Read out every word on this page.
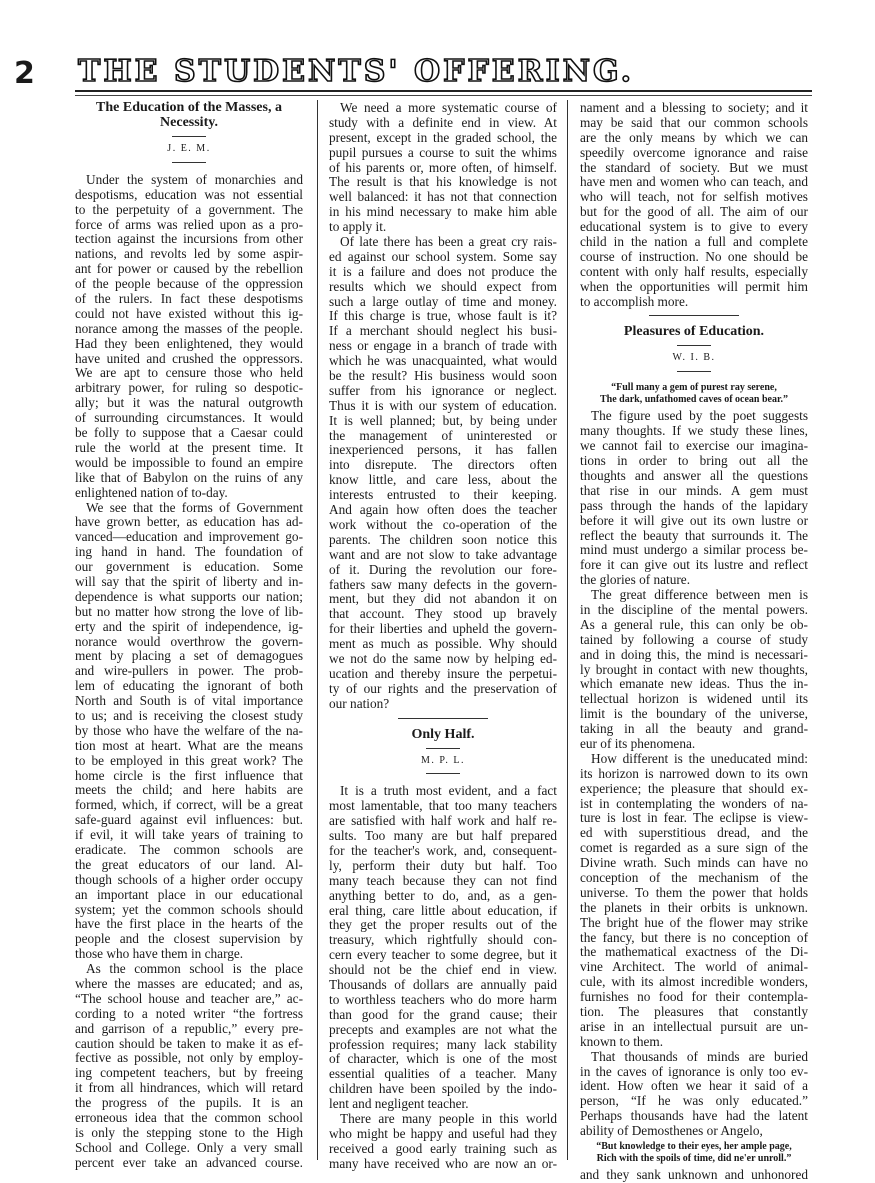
2 THE STUDENTS' OFFERING.
The Education of the Masses, a
Necessity.
J. E. M.
Under the system of monarchies and
despotisms, education was not essential
to the perpetuity of a government. The
force of arms was relied upon as a pro-
tection against the incursions from other
nations, and revolts led by some aspir-
ant for power or caused by the rebellion
of the people because of the oppression
of the rulers. In fact these despotisms
could not have existed without this ig-
norance among the masses of the people.
Had they been enlightened, they would
have united and crushed the oppressors.
We are apt to censure those who held
arbitrary power, for ruling so despotic-
ally; but it was the natural outgrowth
of surrounding circumstances. It would
be folly to suppose that a Caesar could
rule the world at the present time. It
would be impossible to found an empire
like that of Babylon on the ruins of any
enlightened nation of to-day.
We see that the forms of Government
have grown better, as education has ad-
vanced—education and improvement go-
ing hand in hand. The foundation of
our government is education. Some
will say that the spirit of liberty and in-
dependence is what supports our nation;
but no matter how strong the love of lib-
erty and the spirit of independence, ig-
norance would overthrow the govern-
ment by placing a set of demagogues
and wire-pullers in power. The prob-
lem of educating the ignorant of both
North and South is of vital importance
to us; and is receiving the closest study
by those who have the welfare of the na-
tion most at heart. What are the means
to be employed in this great work? The
home circle is the first influence that
meets the child; and here habits are
formed, which, if correct, will be a great
safe-guard against evil influences: but.
if evil, it will take years of training to
eradicate. The common schools are
the great educators of our land. Al-
though schools of a higher order occupy
an important place in our educational
system; yet the common schools should
have the first place in the hearts of the
people and the closest supervision by
those who have them in charge.
As the common school is the place
where the masses are educated; and as,
“The school house and teacher are,” ac-
cording to a noted writer “the fortress
and garrison of a republic,” every pre-
caution should be taken to make it as ef-
fective as possible, not only by employ-
ing competent teachers, but by freeing
it from all hindrances, which will retard
the progress of the pupils. It is an
erroneous idea that the common school
is only the stepping stone to the High
School and College. Only a very small
percent ever take an advanced course.
We need a more systematic course of
study with a definite end in view. At
present, except in the graded school, the
pupil pursues a course to suit the whims
of his parents or, more often, of himself.
The result is that his knowledge is not
well balanced: it has not that connection
in his mind necessary to make him able
to apply it.
Of late there has been a great cry rais-
ed against our school system. Some say
it is a failure and does not produce the
results which we should expect from
such a large outlay of time and money.
If this charge is true, whose fault is it?
If a merchant should neglect his busi-
ness or engage in a branch of trade with
which he was unacquainted, what would
be the result? His business would soon
suffer from his ignorance or neglect.
Thus it is with our system of education.
It is well planned; but, by being under
the management of uninterested or
inexperienced persons, it has fallen
into disrepute. The directors often
know little, and care less, about the
interests entrusted to their keeping.
And again how often does the teacher
work without the co-operation of the
parents. The children soon notice this
want and are not slow to take advantage
of it. During the revolution our fore-
fathers saw many defects in the govern-
ment, but they did not abandon it on
that account. They stood up bravely
for their liberties and upheld the govern-
ment as much as possible. Why should
we not do the same now by helping ed-
ucation and thereby insure the perpetui-
ty of our rights and the preservation of
our nation?
Only Half.
M. P. L.
It is a truth most evident, and a fact
most lamentable, that too many teachers
are satisfied with half work and half re-
sults. Too many are but half prepared
for the teacher's work, and, consequent-
ly, perform their duty but half. Too
many teach because they can not find
anything better to do, and, as a gen-
eral thing, care little about education, if
they get the proper results out of the
treasury, which rightfully should con-
cern every teacher to some degree, but it
should not be the chief end in view.
Thousands of dollars are annually paid
to worthless teachers who do more harm
than good for the grand cause; their
precepts and examples are not what the
profession requires; many lack stability
of character, which is one of the most
essential qualities of a teacher. Many
children have been spoiled by the indo-
lent and negligent teacher.
There are many people in this world
who might be happy and useful had they
received a good early training such as
many have received who are now an or-
nament and a blessing to society; and it
may be said that our common schools
are the only means by which we can
speedily overcome ignorance and raise
the standard of society. But we must
have men and women who can teach, and
who will teach, not for selfish motives
but for the good of all. The aim of our
educational system is to give to every
child in the nation a full and complete
course of instruction. No one should be
content with only half results, especially
when the opportunities will permit him
to accomplish more.
Pleasures of Education.
W. I. B.
“Full many a gem of purest ray serene,
The dark, unfathomed caves of ocean bear.”
The figure used by the poet suggests
many thoughts. If we study these lines,
we cannot fail to exercise our imagina-
tions in order to bring out all the
thoughts and answer all the questions
that rise in our minds. A gem must
pass through the hands of the lapidary
before it will give out its own lustre or
reflect the beauty that surrounds it. The
mind must undergo a similar process be-
fore it can give out its lustre and reflect
the glories of nature.
The great difference between men is
in the discipline of the mental powers.
As a general rule, this can only be ob-
tained by following a course of study
and in doing this, the mind is necessari-
ly brought in contact with new thoughts,
which emanate new ideas. Thus the in-
tellectual horizon is widened until its
limit is the boundary of the universe,
taking in all the beauty and grand-
eur of its phenomena.
How different is the uneducated mind:
its horizon is narrowed down to its own
experience; the pleasure that should ex-
ist in contemplating the wonders of na-
ture is lost in fear. The eclipse is view-
ed with superstitious dread, and the
comet is regarded as a sure sign of the
Divine wrath. Such minds can have no
conception of the mechanism of the
universe. To them the power that holds
the planets in their orbits is unknown.
The bright hue of the flower may strike
the fancy, but there is no conception of
the mathematical exactness of the Di-
vine Architect. The world of animal-
cule, with its almost incredible wonders,
furnishes no food for their contempla-
tion. The pleasures that constantly
arise in an intellectual pursuit are un-
known to them.
That thousands of minds are buried
in the caves of ignorance is only too ev-
ident. How often we hear it said of a
person, “If he was only educated.”
Perhaps thousands have had the latent
ability of Demosthenes or Angelo,
“But knowledge to their eyes, her ample page,
Rich with the spoils of time, did ne'er unroll.”
and they sank unknown and unhonored
